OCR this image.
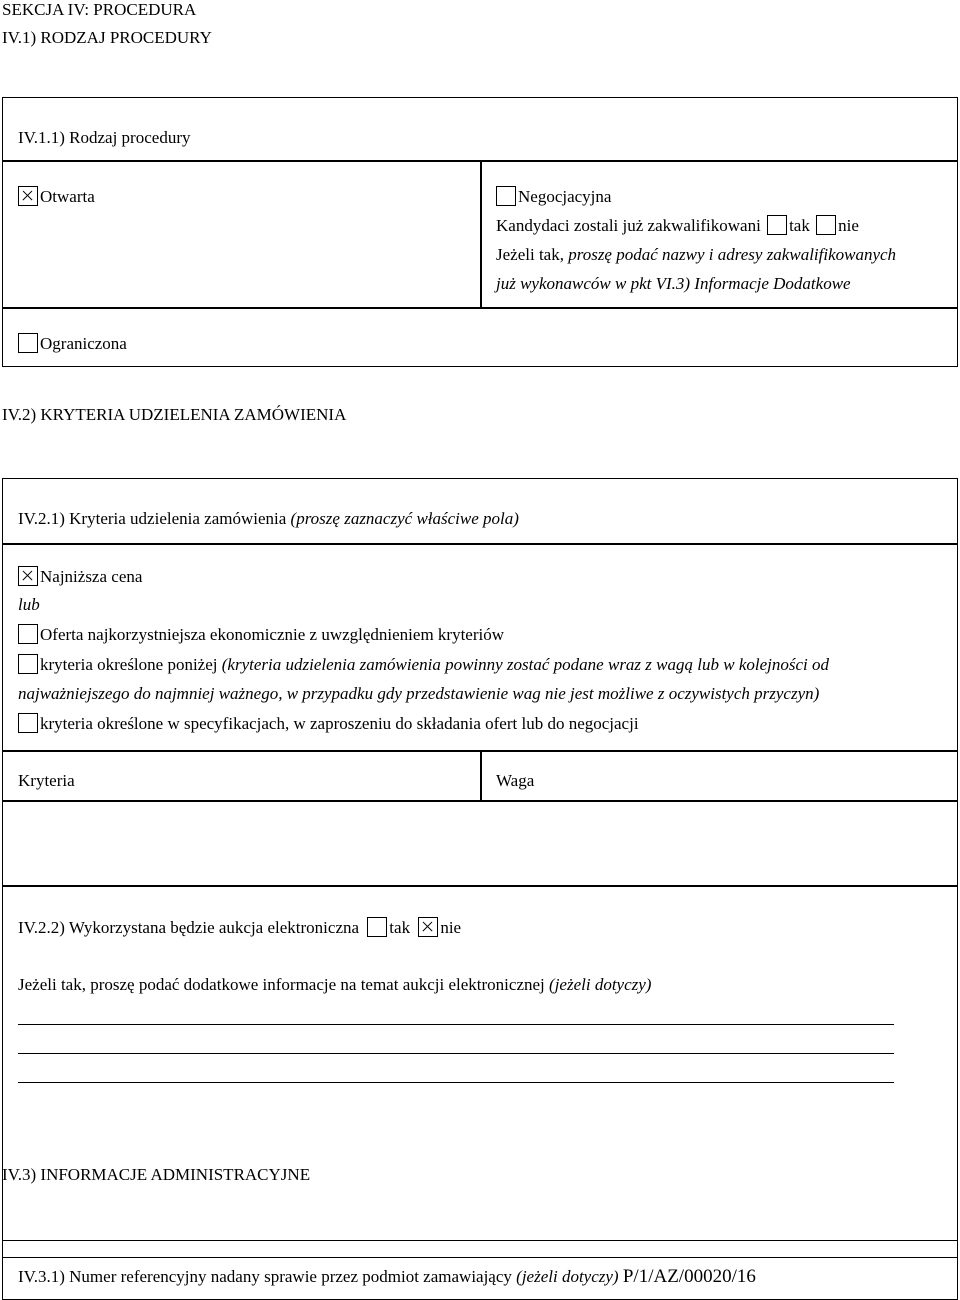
SEKCJA IV: PROCEDURA
IV.1) RODZAJ PROCEDURY
IV.1.1) Rodzaj procedury
Otwarta	Negocjacyjna
Kandydaci zostali już zakwalifikowani tak nie
Jeżeli tak, proszę podać nazwy i adresy zakwalifikowanych
już wykonawców w pkt VI.3) Informacje Dodatkowe
Ograniczona
IV.2) KRYTERIA UDZIELENIA ZAMÓWIENIA
IV.2.1) Kryteria udzielenia zamówienia (proszę zaznaczyć właściwe pola)
Najniższa cena
lub
Oferta najkorzystniejsza ekonomicznie z uwzględnieniem kryteriów
kryteria określone poniżej (kryteria udzielenia zamówienia powinny zostać podane wraz z wagą lub w kolejności od
najważniejszego do najmniej ważnego, w przypadku gdy przedstawienie wag nie jest możliwe z oczywistych przyczyn)
kryteria określone w specyfikacjach, w zaproszeniu do składania ofert lub do negocjacji
Kryteria	Waga
IV.2.2) Wykorzystana będzie aukcja elektroniczna tak nie
Jeżeli tak, proszę podać dodatkowe informacje na temat aukcji elektronicznej (jeżeli dotyczy)
IV.3) INFORMACJE ADMINISTRACYJNE
IV.3.1) Numer referencyjny nadany sprawie przez podmiot zamawiający (jeżeli dotyczy) P/1/AZ/00020/16
